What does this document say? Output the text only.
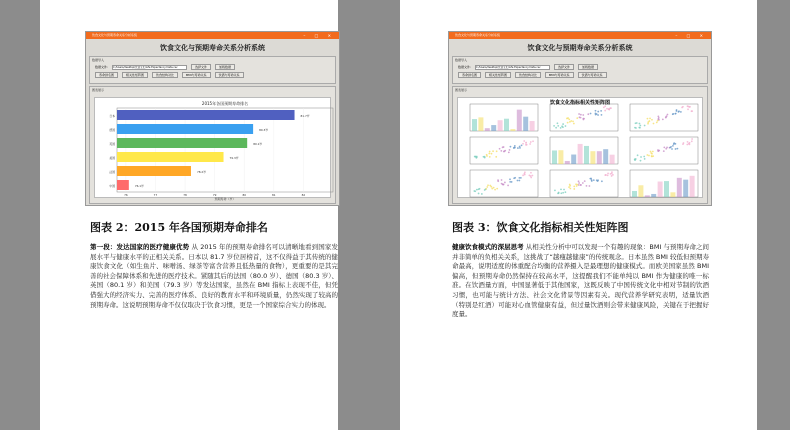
饮食文化与预期寿命关系分析系统	– □ ✕
饮食文化与预期寿命关系分析系统
数据导入
数据文件:	C:/Users/desktop/饮食文化/Life Expectancy Data.csv	选择文件	加载数据
寿命排名图	相关性矩阵图	饮食结构对比	BMI与寿命关系	饮酒与寿命关系
图表展示
2015年各国预期寿命排名
76	77	78	79	80	81	82
日本	81.7岁
德国	80.3岁
英国	80.1岁
美国	79.3岁
法国	78.2岁
中国	76.1岁
预期寿命（岁）
饮食文化与预期寿命关系分析系统	– □ ✕
饮食文化与预期寿命关系分析系统
数据导入
数据文件:	C:/Users/desktop/饮食文化/Life Expectancy Data.csv	选择文件	加载数据
寿命排名图	相关性矩阵图	饮食结构对比	BMI与寿命关系	饮酒与寿命关系
图表展示
饮食文化指标相关性矩阵图
图表 2：2015 年各国预期寿命排名
第一段：发达国家的医疗健康优势 从 2015 年的预期寿命排名可以清晰地看到国家发展水平与健康水平的正相关关系。日本以 81.7 岁位居榜首，这不仅得益于其传统的健康饮食文化（如生鱼片、味噌汤、绿茶等富含营养且低热量的食物），更重要的是其完善的社会保障体系和先进的医疗技术。紧随其后的法国（80.0 岁）、德国（80.3 岁）、英国（80.1 岁）和美国（79.3 岁）等发达国家，虽然在 BMI 指标上表现不佳，但凭借强大的经济实力、完善的医疗体系、良好的教育水平和环境质量，仍然实现了较高的预期寿命。这说明预期寿命不仅仅取决于饮食习惯，更是一个国家综合实力的体现。
图表 3：饮食文化指标相关性矩阵图
健康饮食模式的深层思考 从相关性分析中可以发现一个有趣的现象：BMI 与预期寿命之间并非简单的负相关关系，这挑战了“越瘦越健康”的传统观念。日本虽然 BMI 较低但预期寿命最高，说明适度的体重配合均衡的营养摄入是最理想的健康模式。而欧美国家虽然 BMI 偏高，但预期寿命仍然保持在较高水平，这提醒我们不能单纯以 BMI 作为健康的唯一标准。在饮酒量方面，中国显著低于其他国家，这既反映了中国传统文化中相对节制的饮酒习惯，也可能与统计方法、社会文化背景等因素有关。现代营养学研究表明，适量饮酒（特别是红酒）可能对心血管健康有益，但过量饮酒则会带来健康风险，关键在于把握好度量。
